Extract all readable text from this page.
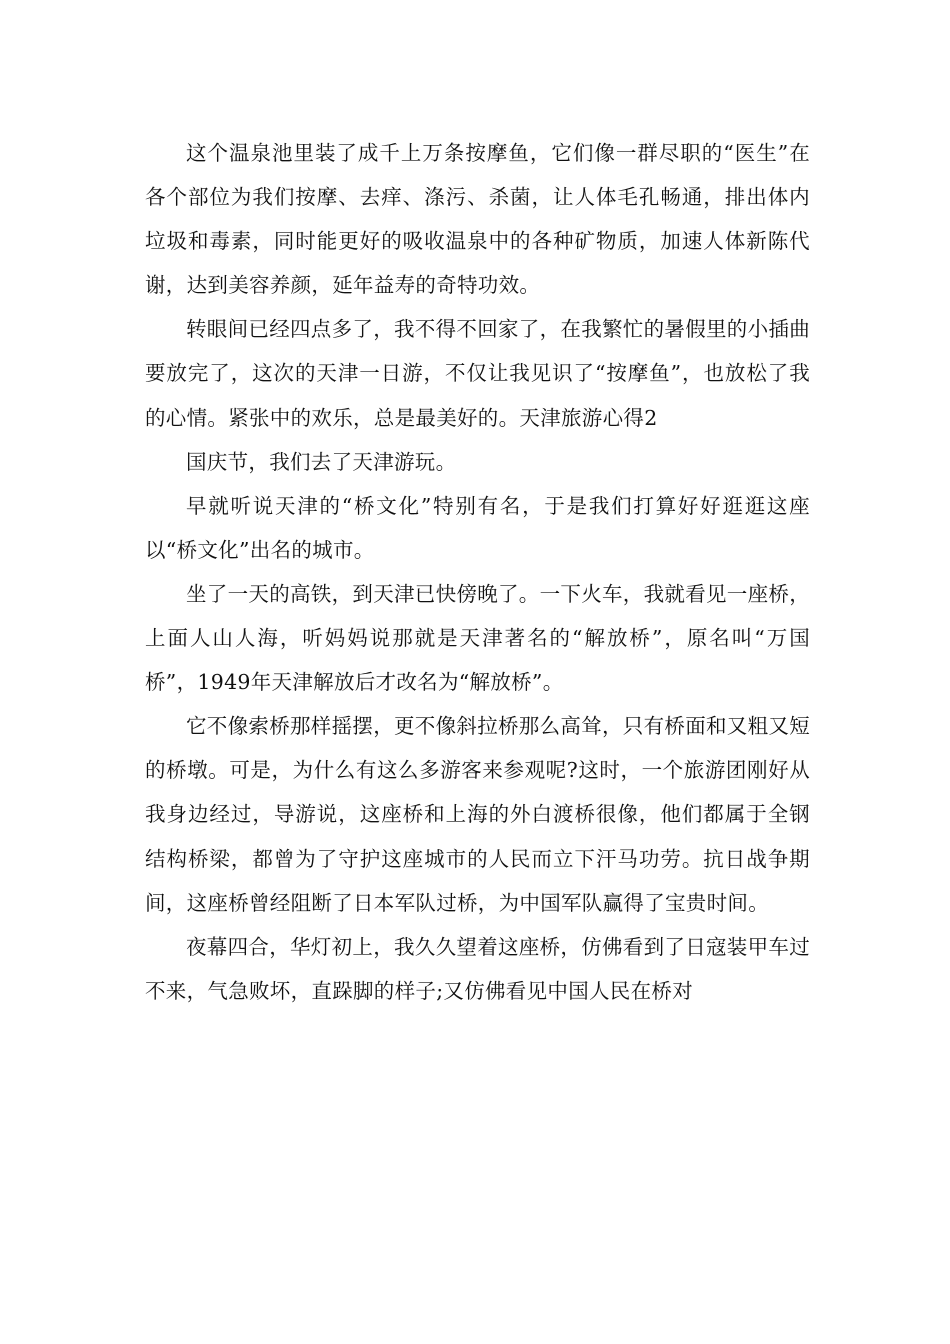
这个温泉池里装了成千上万条按摩鱼，它们像一群尽职的“医生”在各个部位为我们按摩、去痒、涤污、杀菌，让人体毛孔畅通，排出体内垃圾和毒素，同时能更好的吸收温泉中的各种矿物质，加速人体新陈代谢，达到美容养颜，延年益寿的奇特功效。

转眼间已经四点多了，我不得不回家了，在我繁忙的暑假里的小插曲要放完了，这次的天津一日游，不仅让我见识了“按摩鱼”，也放松了我的心情。紧张中的欢乐，总是最美好的。天津旅游心得2

国庆节，我们去了天津游玩。

早就听说天津的“桥文化”特别有名，于是我们打算好好逛逛这座以“桥文化”出名的城市。

坐了一天的高铁，到天津已快傍晚了。一下火车，我就看见一座桥，上面人山人海，听妈妈说那就是天津著名的“解放桥”，原名叫“万国桥”，1949年天津解放后才改名为“解放桥”。

它不像索桥那样摇摆，更不像斜拉桥那么高耸，只有桥面和又粗又短的桥墩。可是，为什么有这么多游客来参观呢?这时，一个旅游团刚好从我身边经过，导游说，这座桥和上海的外白渡桥很像，他们都属于全钢结构桥梁，都曾为了守护这座城市的人民而立下汗马功劳。抗日战争期间，这座桥曾经阻断了日本军队过桥，为中国军队赢得了宝贵时间。

夜幕四合，华灯初上，我久久望着这座桥，仿佛看到了日寇装甲车过不来，气急败坏，直跺脚的样子;又仿佛看见中国人民在桥对
